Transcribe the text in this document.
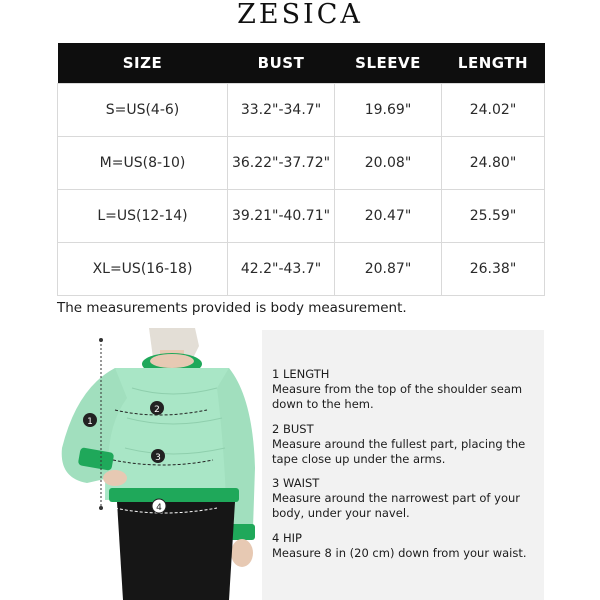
ZESICA
SIZE	BUST	SLEEVE	LENGTH
S=US(4-6)	33.2"-34.7"	19.69"	24.02"
M=US(8-10)	36.22"-37.72"	20.08"	24.80"
L=US(12-14)	39.21"-40.71"	20.47"	25.59"
XL=US(16-18)	42.2"-43.7"	20.87"	26.38"
The measurements provided is body measurement.
1
2
3
4
1 LENGTH
Measure from the top of the shoulder seam down to the hem.
2 BUST
Measure around the fullest part, placing the tape close up under the arms.
3 WAIST
Measure around the narrowest part of your body, under your navel.
4 HIP
Measure 8 in (20 cm) down from your waist.
